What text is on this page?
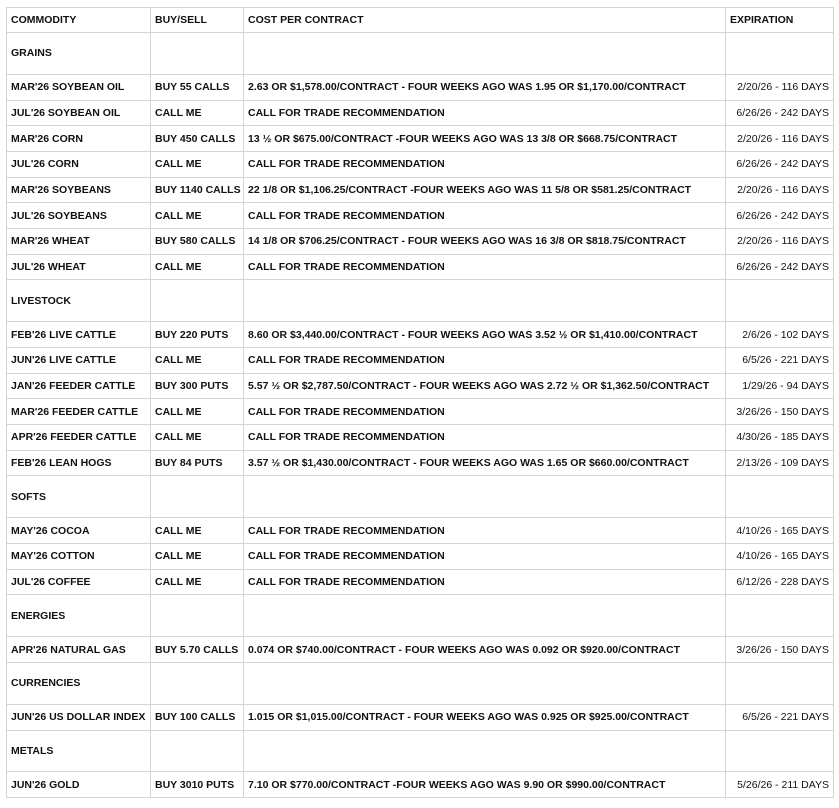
COMMODITY	BUY/SELL	COST PER CONTRACT	EXPIRATION
GRAINS			
MAR'26 SOYBEAN OIL	BUY 55 CALLS	2.63 OR $1,578.00/CONTRACT - FOUR WEEKS AGO WAS 1.95 OR $1,170.00/CONTRACT	2/20/26 - 116 DAYS
JUL'26 SOYBEAN OIL	CALL ME	CALL FOR TRADE RECOMMENDATION	6/26/26 - 242 DAYS
MAR'26 CORN	BUY 450 CALLS	13 ½ OR $675.00/CONTRACT -FOUR WEEKS AGO WAS 13 3/8 OR $668.75/CONTRACT	2/20/26 - 116 DAYS
JUL'26 CORN	CALL ME	CALL FOR TRADE RECOMMENDATION	6/26/26 - 242 DAYS
MAR'26 SOYBEANS	BUY 1140 CALLS	22 1/8 OR $1,106.25/CONTRACT -FOUR WEEKS AGO WAS 11 5/8 OR $581.25/CONTRACT	2/20/26 - 116 DAYS
JUL'26 SOYBEANS	CALL ME	CALL FOR TRADE RECOMMENDATION	6/26/26 - 242 DAYS
MAR'26 WHEAT	BUY 580 CALLS	14 1/8 OR $706.25/CONTRACT - FOUR WEEKS AGO WAS 16 3/8 OR $818.75/CONTRACT	2/20/26 - 116 DAYS
JUL'26 WHEAT	CALL ME	CALL FOR TRADE RECOMMENDATION	6/26/26 - 242 DAYS
LIVESTOCK			
FEB'26 LIVE CATTLE	BUY 220 PUTS	8.60 OR $3,440.00/CONTRACT - FOUR WEEKS AGO WAS 3.52 ½ OR $1,410.00/CONTRACT	2/6/26 - 102 DAYS
JUN'26 LIVE CATTLE	CALL ME	CALL FOR TRADE RECOMMENDATION	6/5/26 - 221 DAYS
JAN'26 FEEDER CATTLE	BUY 300 PUTS	5.57 ½ OR $2,787.50/CONTRACT - FOUR WEEKS AGO WAS 2.72 ½ OR $1,362.50/CONTRACT	1/29/26 - 94 DAYS
MAR'26 FEEDER CATTLE	CALL ME	CALL FOR TRADE RECOMMENDATION	3/26/26 - 150 DAYS
APR'26 FEEDER CATTLE	CALL ME	CALL FOR TRADE RECOMMENDATION	4/30/26 - 185 DAYS
FEB'26 LEAN HOGS	BUY 84 PUTS	3.57 ½ OR $1,430.00/CONTRACT - FOUR WEEKS AGO WAS 1.65 OR $660.00/CONTRACT	2/13/26 - 109 DAYS
SOFTS			
MAY'26 COCOA	CALL ME	CALL FOR TRADE RECOMMENDATION	4/10/26 - 165 DAYS
MAY'26 COTTON	CALL ME	CALL FOR TRADE RECOMMENDATION	4/10/26 - 165 DAYS
JUL'26 COFFEE	CALL ME	CALL FOR TRADE RECOMMENDATION	6/12/26 - 228 DAYS
ENERGIES			
APR'26 NATURAL GAS	BUY 5.70 CALLS	0.074 OR $740.00/CONTRACT - FOUR WEEKS AGO WAS 0.092 OR $920.00/CONTRACT	3/26/26 - 150 DAYS
CURRENCIES			
JUN'26 US DOLLAR INDEX	BUY 100 CALLS	1.015 OR $1,015.00/CONTRACT - FOUR WEEKS AGO WAS 0.925 OR $925.00/CONTRACT	6/5/26 - 221 DAYS
METALS			
JUN'26 GOLD	BUY 3010 PUTS	7.10 OR $770.00/CONTRACT -FOUR WEEKS AGO WAS 9.90 OR $990.00/CONTRACT	5/26/26 - 211 DAYS
